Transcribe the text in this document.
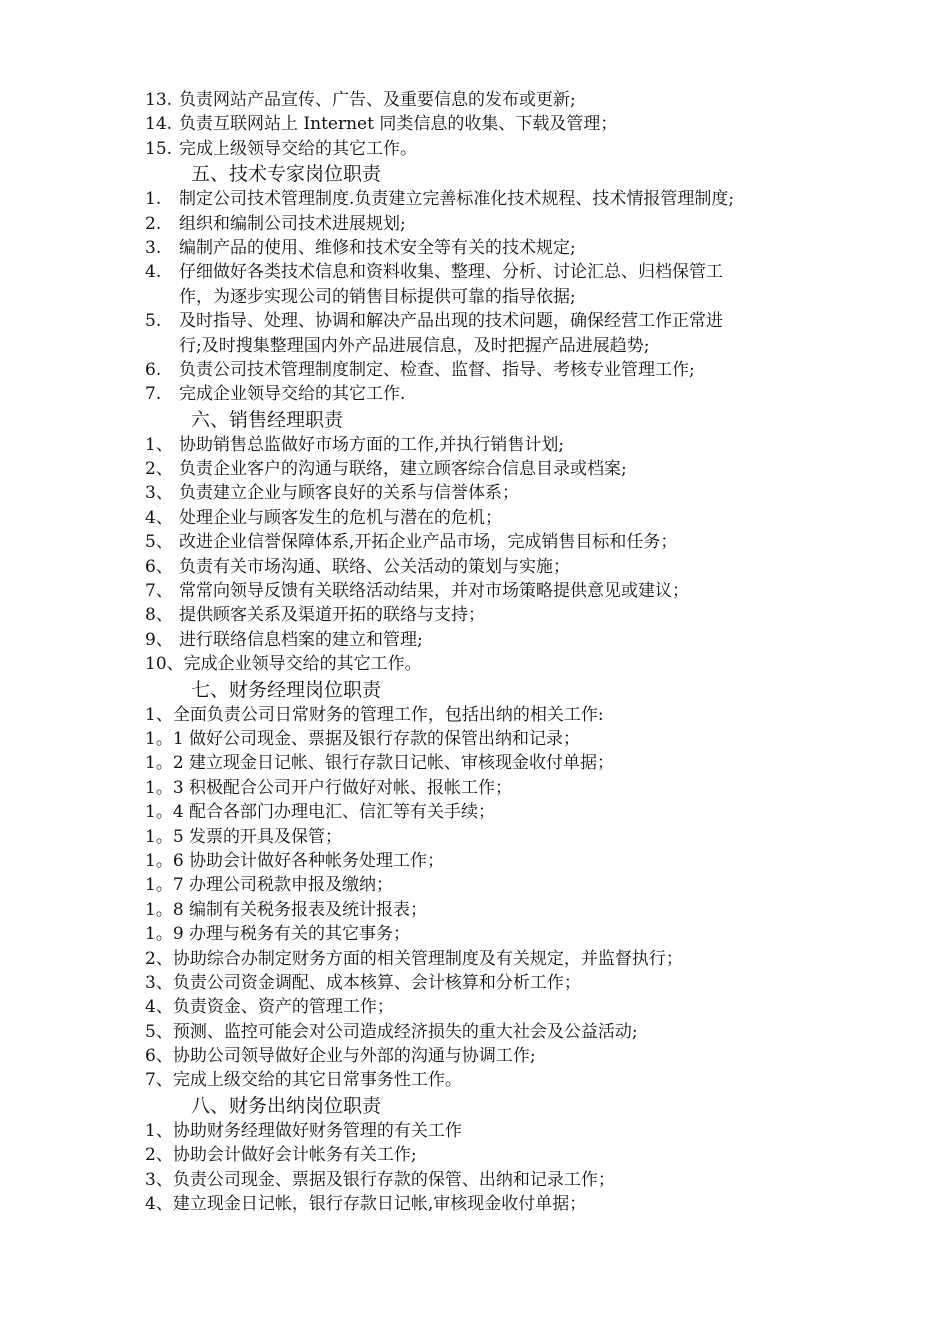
13. 负责网站产品宣传、广告、及重要信息的发布或更新;
14. 负责互联网站上 Internet 同类信息的收集、下载及管理；
15. 完成上级领导交给的其它工作。
五、技术专家岗位职责
1.	制定公司技术管理制度.负责建立完善标准化技术规程、技术情报管理制度;
2.	组织和编制公司技术进展规划;
3.	编制产品的使用、维修和技术安全等有关的技术规定;
4.	仔细做好各类技术信息和资料收集、整理、分析、讨论汇总、归档保管工
作，为逐步实现公司的销售目标提供可靠的指导依据;
5.	及时指导、处理、协调和解决产品出现的技术问题，确保经营工作正常进
行;及时搜集整理国内外产品进展信息，及时把握产品进展趋势;
6.	负责公司技术管理制度制定、检查、监督、指导、考核专业管理工作;
7.	完成企业领导交给的其它工作.
六、销售经理职责
1、 协助销售总监做好市场方面的工作,并执行销售计划;
2、 负责企业客户的沟通与联络，建立顾客综合信息目录或档案;
3、 负责建立企业与顾客良好的关系与信誉体系；
4、 处理企业与顾客发生的危机与潜在的危机；
5、 改进企业信誉保障体系,开拓企业产品市场，完成销售目标和任务；
6、 负责有关市场沟通、联络、公关活动的策划与实施；
7、 常常向领导反馈有关联络活动结果，并对市场策略提供意见或建议；
8、 提供顾客关系及渠道开拓的联络与支持；
9、 进行联络信息档案的建立和管理;
10、 完成企业领导交给的其它工作。
七、财务经理岗位职责
1、全面负责公司日常财务的管理工作，包括出纳的相关工作:
1。1 做好公司现金、票据及银行存款的保管出纳和记录；
1。2 建立现金日记帐、银行存款日记帐、审核现金收付单据；
1。3 积极配合公司开户行做好对帐、报帐工作；
1。4 配合各部门办理电汇、信汇等有关手续；
1。5 发票的开具及保管；
1。6 协助会计做好各种帐务处理工作；
1。7 办理公司税款申报及缴纳；
1。8 编制有关税务报表及统计报表；
1。9 办理与税务有关的其它事务；
2、协助综合办制定财务方面的相关管理制度及有关规定，并监督执行；
3、负责公司资金调配、成本核算、会计核算和分析工作；
4、负责资金、资产的管理工作；
5、预测、监控可能会对公司造成经济损失的重大社会及公益活动;
6、协助公司领导做好企业与外部的沟通与协调工作;
7、完成上级交给的其它日常事务性工作。
八、财务出纳岗位职责
1、协助财务经理做好财务管理的有关工作
2、协助会计做好会计帐务有关工作;
3、负责公司现金、票据及银行存款的保管、出纳和记录工作；
4、建立现金日记帐，银行存款日记帐,审核现金收付单据；
